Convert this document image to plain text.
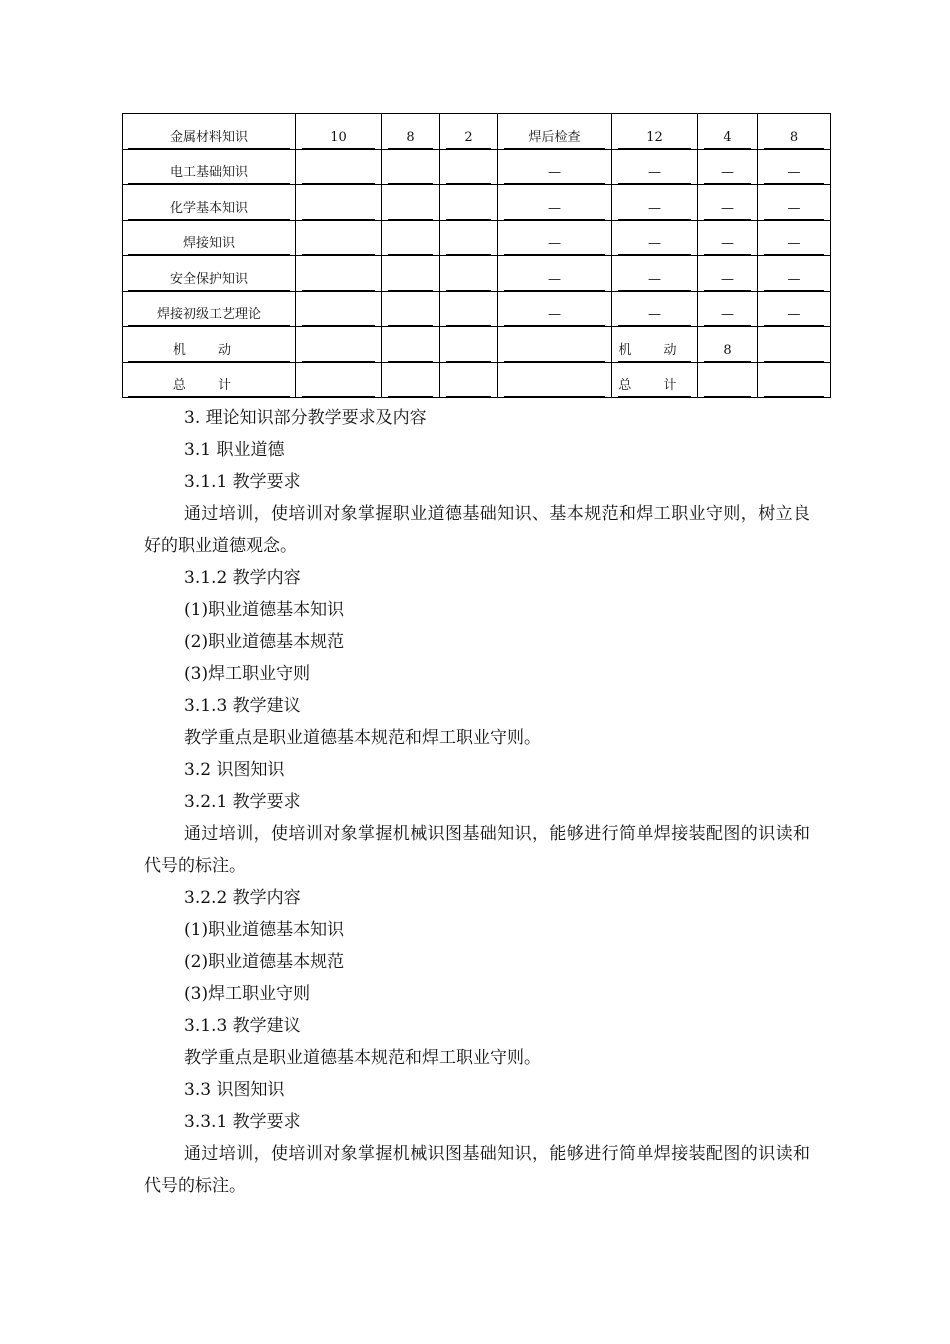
金属材料知识	10	8	2	焊后检查	12	4	8

电工基础知识				—	—	—	—

化学基本知识				—	—	—	—

焊接知识				—	—	—	—

安全保护知识				—	—	—	—

焊接初级工艺理论				—	—	—	—

机 动					机 动	8	

总 计					总 计		

3. 理论知识部分教学要求及内容

3.1 职业道德

3.1.1 教学要求

通过培训，使培训对象掌握职业道德基础知识、基本规范和焊工职业守则，树立良好的职业道德观念。

3.1.2 教学内容

(1)职业道德基本知识

(2)职业道德基本规范

(3)焊工职业守则

3.1.3 教学建议

教学重点是职业道德基本规范和焊工职业守则。

3.2 识图知识

3.2.1 教学要求

通过培训，使培训对象掌握机械识图基础知识，能够进行简单焊接装配图的识读和代号的标注。

3.2.2 教学内容

(1)职业道德基本知识

(2)职业道德基本规范

(3)焊工职业守则

3.1.3 教学建议

教学重点是职业道德基本规范和焊工职业守则。

3.3 识图知识

3.3.1 教学要求

通过培训，使培训对象掌握机械识图基础知识，能够进行简单焊接装配图的识读和代号的标注。
